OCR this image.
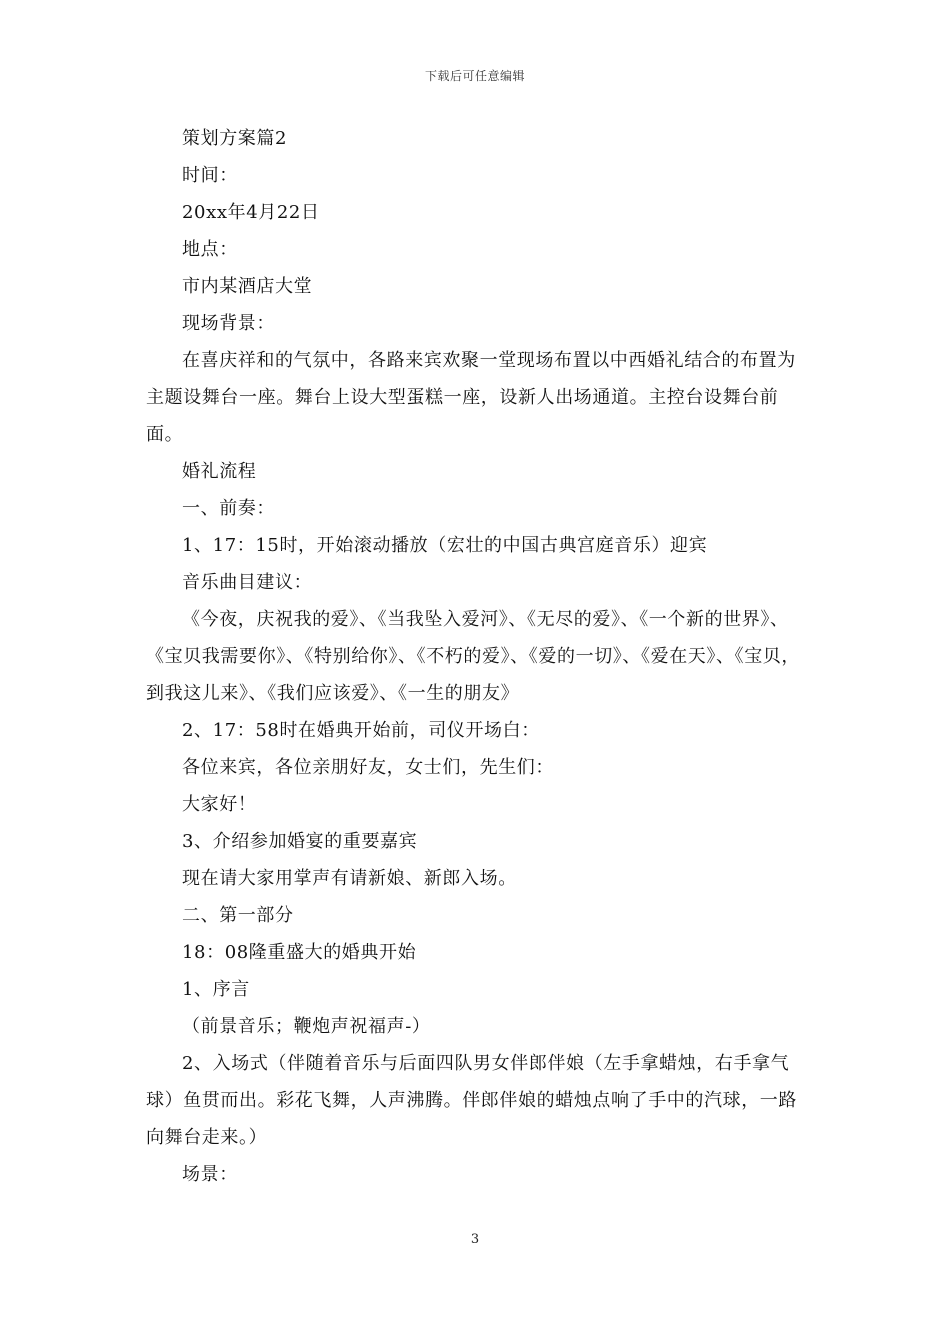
下载后可任意编辑

策划方案篇2

时间：

20xx年4月22日

地点：

市内某酒店大堂

现场背景：

在喜庆祥和的气氛中，各路来宾欢聚一堂现场布置以中西婚礼结合的布置为主题设舞台一座。舞台上设大型蛋糕一座，设新人出场通道。主控台设舞台前面。

婚礼流程

一、前奏：

1、17：15时，开始滚动播放（宏壮的中国古典宫庭音乐）迎宾

音乐曲目建议：

《今夜，庆祝我的爱》、《当我坠入爱河》、《无尽的爱》、《一个新的世界》、《宝贝我需要你》、《特别给你》、《不朽的爱》、《爱的一切》、《爱在天》、《宝贝，到我这儿来》、《我们应该爱》、《一生的朋友》

2、17：58时在婚典开始前，司仪开场白：

各位来宾，各位亲朋好友，女士们，先生们：

大家好！

3、介绍参加婚宴的重要嘉宾

现在请大家用掌声有请新娘、新郎入场。

二、第一部分

18：08隆重盛大的婚典开始

1、序言

（前景音乐；鞭炮声祝福声-）

2、入场式（伴随着音乐与后面四队男女伴郎伴娘（左手拿蜡烛，右手拿气球）鱼贯而出。彩花飞舞，人声沸腾。伴郎伴娘的蜡烛点响了手中的汽球，一路向舞台走来。）

场景：

3
